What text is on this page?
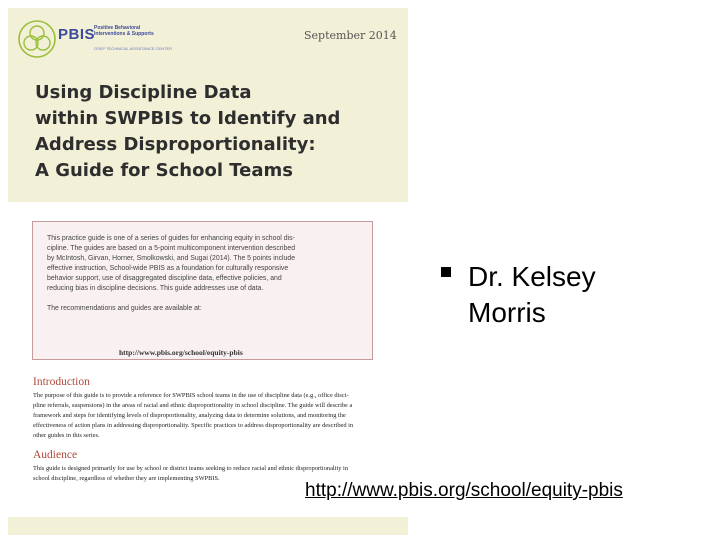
PBIS
Positive Behavioral
Interventions & Supports
OSEP TECHNICAL ASSISTANCE CENTER
September 2014
Using Discipline Data
within SWPBIS to Identify and
Address Disproportionality:
A Guide for School Teams
This practice guide is one of a series of guides for enhancing equity in school dis-
cipline. The guides are based on a 5-point multicomponent intervention described
by McIntosh, Girvan, Horner, Smolkowski, and Sugai (2014). The 5 points include
effective instruction, School-wide PBIS as a foundation for culturally responsive
behavior support, use of disaggregated discipline data, effective policies, and
reducing bias in discipline decisions. This guide addresses use of data.

The recommendations and guides are available at:
http://www.pbis.org/school/equity-pbis
Introduction
The purpose of this guide is to provide a reference for SWPBIS school teams in the use of discipline data (e.g., office disci-
pline referrals, suspensions) in the areas of racial and ethnic disproportionality in school discipline. The guide will describe a
framework and steps for identifying levels of disproportionality, analyzing data to determine solutions, and monitoring the
effectiveness of action plans in addressing disproportionality. Specific practices to address disproportionality are described in
other guides in this series.
Audience
This guide is designed primarily for use by school or district teams seeking to reduce racial and ethnic disproportionality in
school discipline, regardless of whether they are implementing SWPBIS.
Dr. Kelsey
Morris
http://www.pbis.org/school/equity-pbis
